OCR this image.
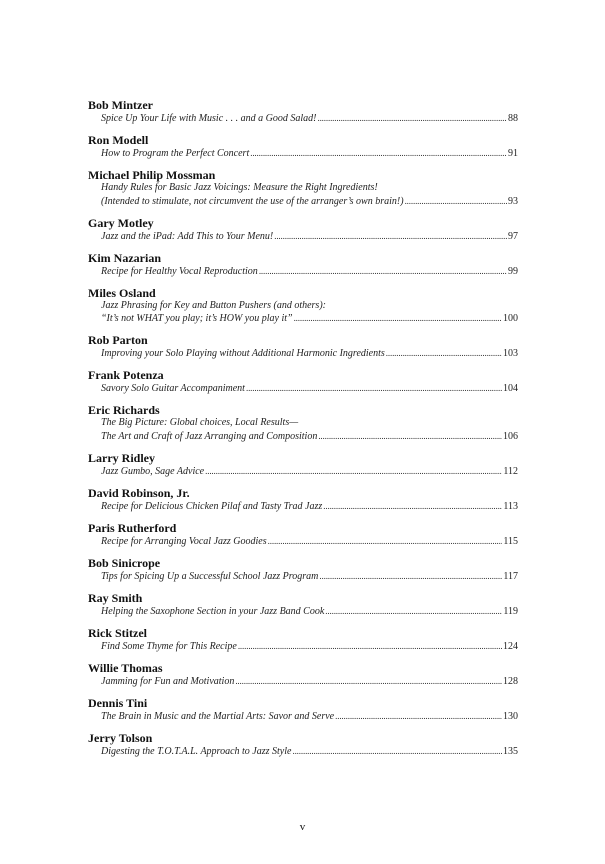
Bob Mintzer
Spice Up Your Life with Music . . . and a Good Salad! . . .	88
Ron Modell
How to Program the Perfect Concert . . .	91
Michael Philip Mossman
Handy Rules for Basic Jazz Voicings: Measure the Right Ingredients!
(Intended to stimulate, not circumvent the use of the arranger’s own brain!) . . .	93
Gary Motley
Jazz and the iPad: Add This to Your Menu! . . .	97
Kim Nazarian
Recipe for Healthy Vocal Reproduction . . .	99
Miles Osland
Jazz Phrasing for Key and Button Pushers (and others):
“It’s not WHAT you play; it’s HOW you play it” . . .	100
Rob Parton
Improving your Solo Playing without Additional Harmonic Ingredients . . .	103
Frank Potenza
Savory Solo Guitar Accompaniment . . .	104
Eric Richards
The Big Picture: Global choices, Local Results—
The Art and Craft of Jazz Arranging and Composition . . .	106
Larry Ridley
Jazz Gumbo, Sage Advice . . .	112
David Robinson, Jr.
Recipe for Delicious Chicken Pilaf and Tasty Trad Jazz . . .	113
Paris Rutherford
Recipe for Arranging Vocal Jazz Goodies . . .	115
Bob Sinicrope
Tips for Spicing Up a Successful School Jazz Program . . .	117
Ray Smith
Helping the Saxophone Section in your Jazz Band Cook . . .	119
Rick Stitzel
Find Some Thyme for This Recipe . . .	124
Willie Thomas
Jamming for Fun and Motivation . . .	128
Dennis Tini
The Brain in Music and the Martial Arts: Savor and Serve . . .	130
Jerry Tolson
Digesting the T.O.T.A.L. Approach to Jazz Style . . .	135
v
